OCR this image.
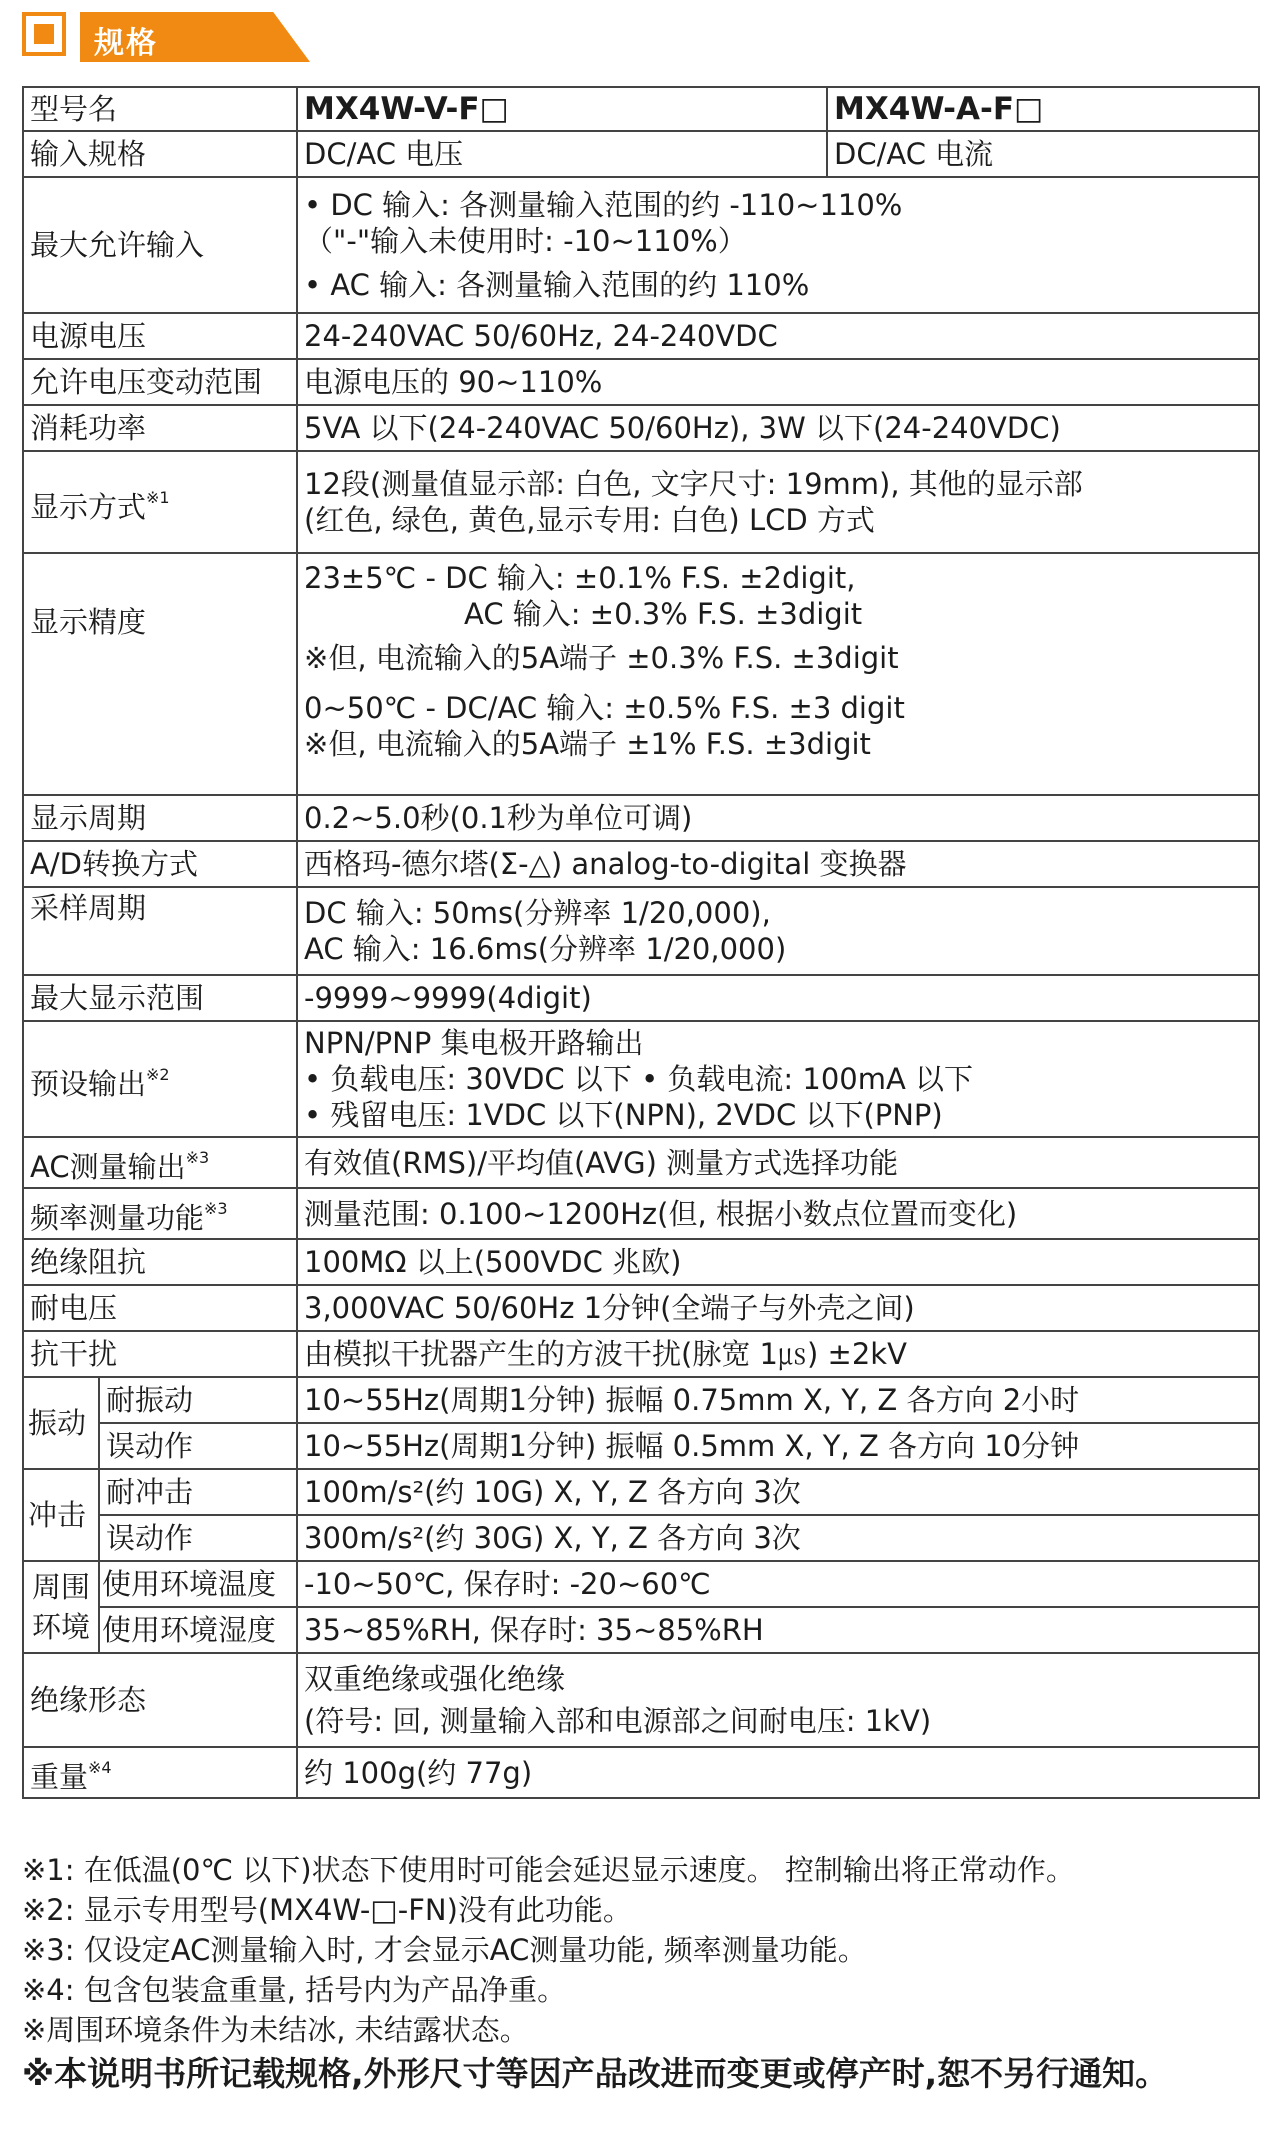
规格
型号名		MX4W-V-F□	MX4W-A-F□
输入规格		DC/AC 电压	DC/AC 电流
最大允许输入		• DC 输入: 各测量输入范围的约 -110~110%
（"-"输入未使用时: -10~110%）
• AC 输入: 各测量输入范围的约 110%	

电源电压		24-240VAC 50/60Hz, 24-240VDC	
允许电压变动范围		电源电压的 90~110%	
消耗功率		5VA 以下(24-240VAC 50/60Hz), 3W 以下(24-240VDC)	
显示方式$^{※1}$		12段(测量值显示部: 白色, 文字尺寸: 19mm), 其他的显示部
(红色, 绿色, 黄色,显示专用: 白色) LCD 方式	

显示精度		23±5℃ - DC 输入: ±0.1% F.S. ±2digit,
AC 输入: ±0.3% F.S. ±3digit
※但, 电流输入的5A端子 ±0.3% F.S. ±3digit
0~50℃ - DC/AC 输入: ±0.5% F.S. ±3 digit
※但, 电流输入的5A端子 ±1% F.S. ±3digit	

显示周期		0.2~5.0秒(0.1秒为单位可调)	
A/D转换方式		西格玛-德尔塔(Σ-△) analog-to-digital 变换器	
采样周期		DC 输入: 50ms(分辨率 1/20,000),
AC 输入: 16.6ms(分辨率 1/20,000)	

最大显示范围		-9999~9999(4digit)	
预设输出$^{※2}$		NPN/PNP 集电极开路输出
• 负载电压: 30VDC 以下 • 负载电流: 100mA 以下
• 残留电压: 1VDC 以下(NPN), 2VDC 以下(PNP)	

AC测量输出$^{※3}$		有效值(RMS)/平均值(AVG) 测量方式选择功能	
频率测量功能$^{※3}$		测量范围: 0.100~1200Hz(但, 根据小数点位置而变化)	
绝缘阻抗		100MΩ 以上(500VDC 兆欧)	
耐电压		3,000VAC 50/60Hz 1分钟(全端子与外壳之间)	
抗干扰		由模拟干扰器产生的方波干扰(脉宽 1㎲) ±2kV	
振动	耐振动	10~55Hz(周期1分钟) 振幅 0.75mm X, Y, Z 各方向 2小时	
	误动作	10~55Hz(周期1分钟) 振幅 0.5mm X, Y, Z 各方向 10分钟	
冲击	耐冲击	100m/s²(约 10G) X, Y, Z 各方向 3次	
	误动作	300m/s²(约 30G) X, Y, Z 各方向 3次	
周围环境	使用环境温度	-10~50℃, 保存时: -20~60℃	
	使用环境湿度	35~85%RH, 保存时: 35~85%RH	
绝缘形态		双重绝缘或强化绝缘
(符号: 回, 测量输入部和电源部之间耐电压: 1kV)	

重量$^{※4}$		约 100g(约 77g)	
※1: 在低温(0℃ 以下)状态下使用时可能会延迟显示速度。 控制输出将正常动作。
※2: 显示专用型号(MX4W-□-FN)没有此功能。
※3: 仅设定AC测量输入时, 才会显示AC测量功能, 频率测量功能。
※4: 包含包装盒重量, 括号内为产品净重。
※周围环境条件为未结冰, 未结露状态。
※本说明书所记载规格,外形尺寸等因产品改进而变更或停产时,恕不另行通知。
